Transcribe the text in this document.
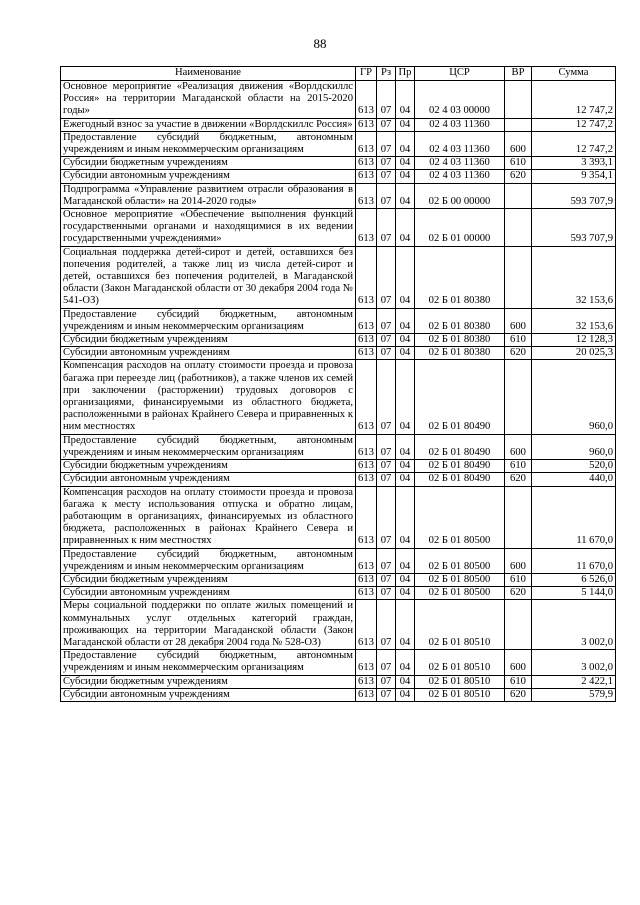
88
Наименование	ГР	Рз	Пр	ЦСР	ВР	Сумма
Основное мероприятие «Реализация движения «Ворлдскиллс Россия» на территории Магаданской области на 2015-2020 годы»	613	07	04	02 4 03 00000		12 747,2
Ежегодный взнос за участие в движении «Ворлдскиллс Россия»	613	07	04	02 4 03 11360		12 747,2
Предоставление субсидий бюджетным, автономным учреждениям и иным некоммерческим организациям	613	07	04	02 4 03 11360	600	12 747,2
Субсидии бюджетным учреждениям	613	07	04	02 4 03 11360	610	3 393,1
Субсидии автономным учреждениям	613	07	04	02 4 03 11360	620	9 354,1
Подпрограмма «Управление развитием отрасли образования в Магаданской области» на 2014-2020 годы»	613	07	04	02 Б 00 00000		593 707,9
Основное мероприятие «Обеспечение выполнения функций государственными органами и находящимися в их ведении государственными учреждениями»	613	07	04	02 Б 01 00000		593 707,9
Социальная поддержка детей-сирот и детей, оставшихся без попечения родителей, а также лиц из числа детей-сирот и детей, оставшихся без попечения родителей, в Магаданской области (Закон Магаданской области от 30 декабря 2004 года № 541-ОЗ)	613	07	04	02 Б 01 80380		32 153,6
Предоставление субсидий бюджетным, автономным учреждениям и иным некоммерческим организациям	613	07	04	02 Б 01 80380	600	32 153,6
Субсидии бюджетным учреждениям	613	07	04	02 Б 01 80380	610	12 128,3
Субсидии автономным учреждениям	613	07	04	02 Б 01 80380	620	20 025,3
Компенсация расходов на оплату стоимости проезда и провоза багажа при переезде лиц (работников), а также членов их семей при заключении (расторжении) трудовых договоров с организациями, финансируемыми из областного бюджета, расположенными в районах Крайнего Севера и приравненных к ним местностях	613	07	04	02 Б 01 80490		960,0
Предоставление субсидий бюджетным, автономным учреждениям и иным некоммерческим организациям	613	07	04	02 Б 01 80490	600	960,0
Субсидии бюджетным учреждениям	613	07	04	02 Б 01 80490	610	520,0
Субсидии автономным учреждениям	613	07	04	02 Б 01 80490	620	440,0
Компенсация расходов на оплату стоимости проезда и провоза багажа к месту использования отпуска и обратно лицам, работающим в организациях, финансируемых из областного бюджета, расположенных в районах Крайнего Севера и приравненных к ним местностях	613	07	04	02 Б 01 80500		11 670,0
Предоставление субсидий бюджетным, автономным учреждениям и иным некоммерческим организациям	613	07	04	02 Б 01 80500	600	11 670,0
Субсидии бюджетным учреждениям	613	07	04	02 Б 01 80500	610	6 526,0
Субсидии автономным учреждениям	613	07	04	02 Б 01 80500	620	5 144,0
Меры социальной поддержки по оплате жилых помещений и коммунальных услуг отдельных категорий граждан, проживающих на территории Магаданской области (Закон Магаданской области от 28 декабря 2004 года № 528-ОЗ)	613	07	04	02 Б 01 80510		3 002,0
Предоставление субсидий бюджетным, автономным учреждениям и иным некоммерческим организациям	613	07	04	02 Б 01 80510	600	3 002,0
Субсидии бюджетным учреждениям	613	07	04	02 Б 01 80510	610	2 422,1
Субсидии автономным учреждениям	613	07	04	02 Б 01 80510	620	579,9
